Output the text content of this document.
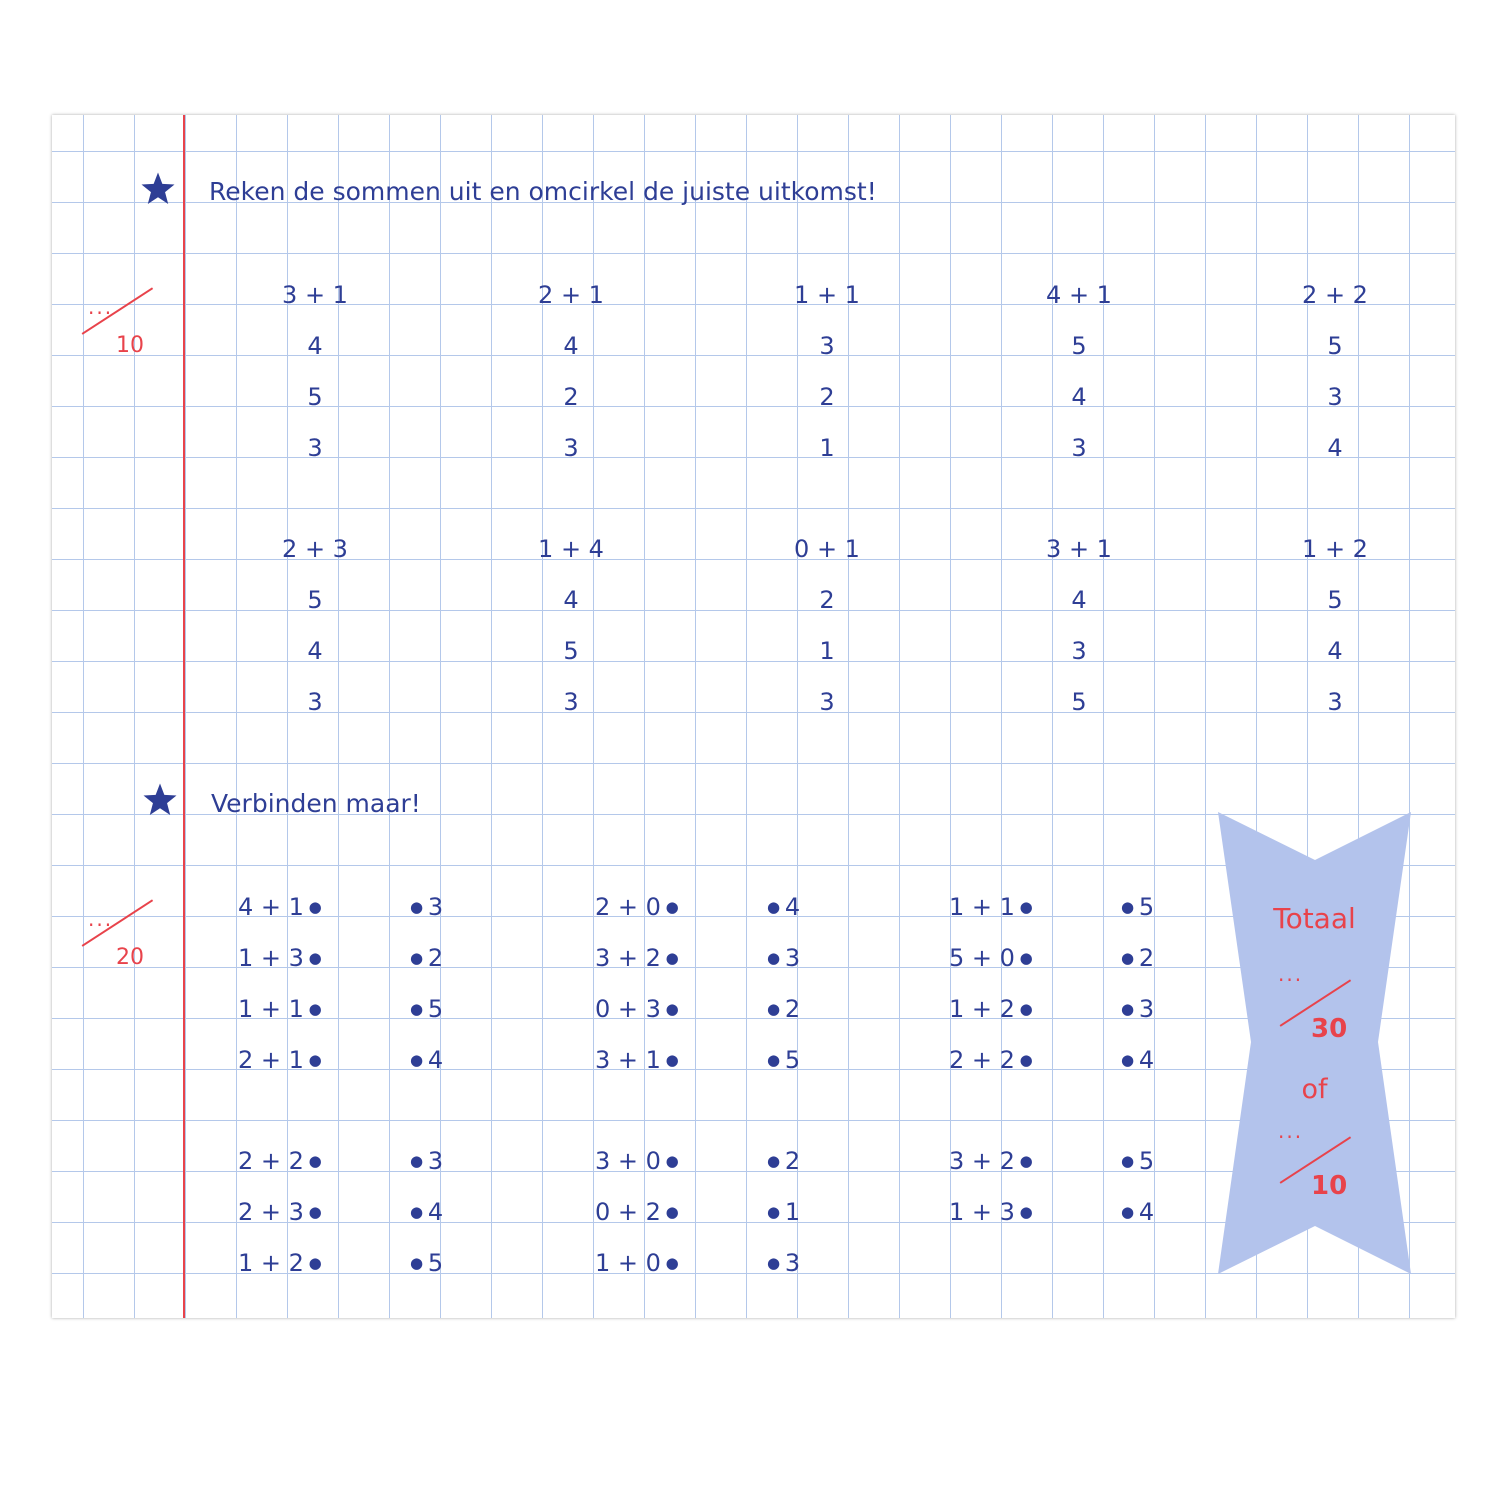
Reken de sommen uit en omcirkel de juiste uitkomst!
...
10
3 + 1
4
5
3
2 + 1
4
2
3
1 + 1
3
2
1
4 + 1
5
4
3
2 + 2
5
3
4
2 + 3
5
4
3
1 + 4
4
5
3
0 + 1
2
1
3
3 + 1
4
3
5
1 + 2
5
4
3
Verbinden maar!
...
20
4 + 1 ●
1 + 3 ●
1 + 1 ●
2 + 1 ●
● 3
● 2
● 5
● 4
2 + 0 ●
3 + 2 ●
0 + 3 ●
3 + 1 ●
● 4
● 3
● 2
● 5
1 + 1 ●
5 + 0 ●
1 + 2 ●
2 + 2 ●
● 5
● 2
● 3
● 4
2 + 2 ●
2 + 3 ●
1 + 2 ●
● 3
● 4
● 5
3 + 0 ●
0 + 2 ●
1 + 0 ●
● 2
● 1
● 3
3 + 2 ●
1 + 3 ●
● 5
● 4
Totaal
...
30
of
...
10
